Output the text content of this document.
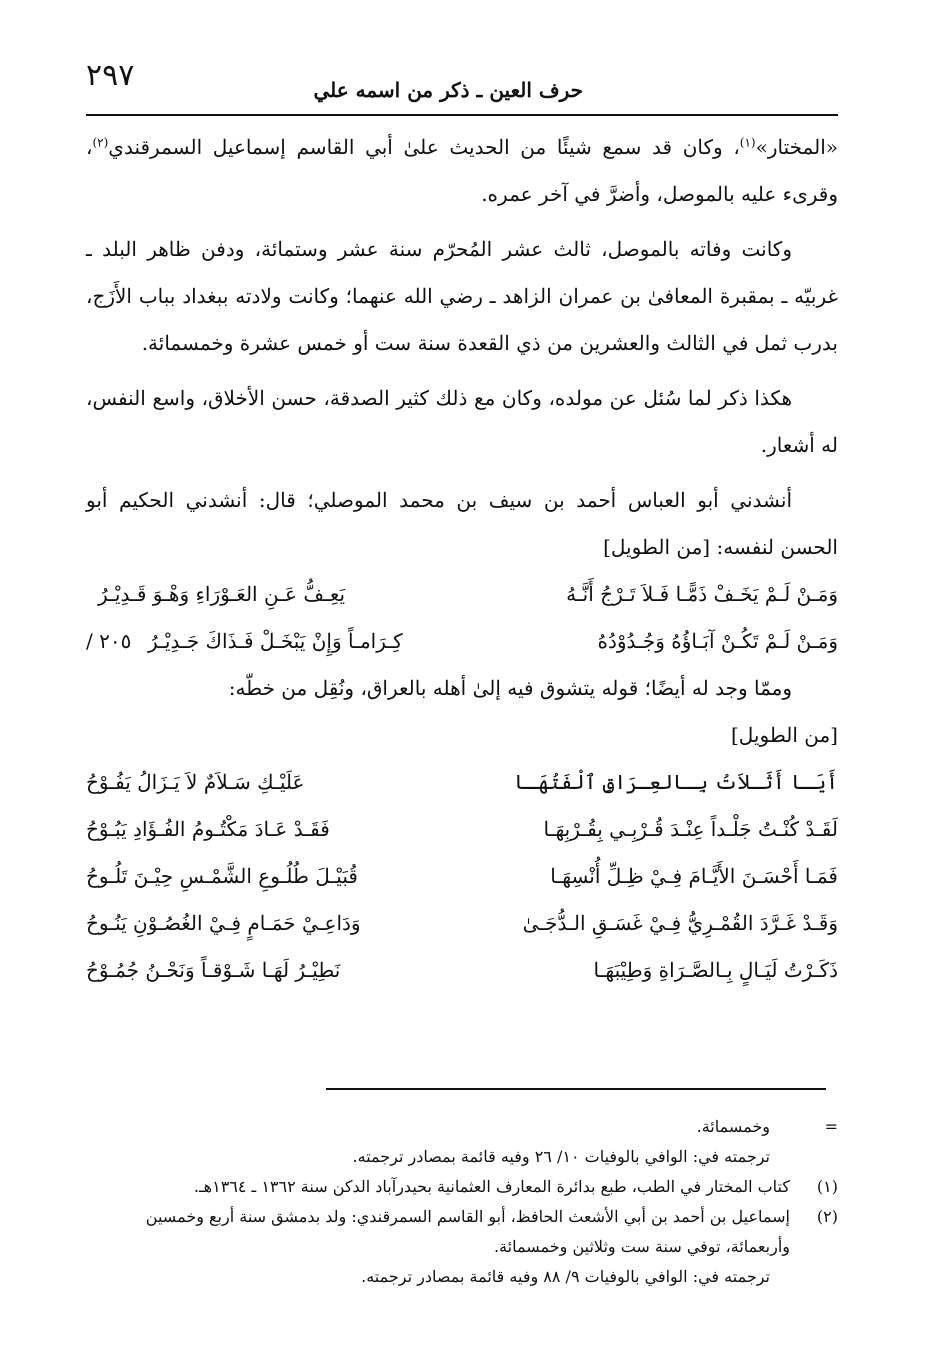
٢٩٧	حرف العين ـ ذكر من اسمه علي

«المختار»$^{(١)}$، وكان قد سمع شيئًا من الحديث علىٰ أبي القاسم إسماعيل السمرقندي$^{(٢)}$، وقرىء عليه بالموصل، وأضرَّ في آخر عمره.

وكانت وفاته بالموصل، ثالث عشر المُحرّم سنة عشر وستمائة، ودفن ظاهر البلد ـ غربيّه ـ بمقبرة المعافىٰ بن عمران الزاهد ـ رضي الله عنهما؛ وكانت ولادته ببغداد بباب الأَزَج، بدرب ثمل في الثالث والعشرين من ذي القعدة سنة ست أو خمس عشرة وخمسمائة.

هكذا ذكر لما سُئل عن مولده، وكان مع ذلك كثير الصدقة، حسن الأخلاق، واسع النفس، له أشعار.

أنشدني أبو العباس أحمد بن سيف بن محمد الموصلي؛ قال: أنشدني الحكيم أبو الحسن لنفسه: [من الطويل]

وَمَـنْ لَـمْ يَخَـفْ ذَمًّـا فَـلاَ تَـرْجُ أَنَّـهُ
يَعِـفُّ عَـنِ العَـوْرَاءِ وَهْـوَ قَـدِيْـرُ
وَمَـنْ لَـمْ تَكُـنْ آبَـاؤُهُ وَجُـدُوْدُهُ
كِـرَامـاً وَإِنْ يَبْخَـلْ فَـذَاكَ جَـدِيْـرُ
/ ٢٠٥

وممّا وجد له أيضًا؛ قوله يتشوق فيه إلىٰ أهله بالعراق، ونُقِل من خطّه:

[من الطويل]
أَيَـا أَثَـلاَتُ بِـالعِـرَاقِ ٱلْفَتُهَـا
عَلَيْـكِ سَـلاَمٌ لاَ يَـزَالُ يَفُـوْحُ
لَقَـدْ كُنْـتُ جَلْـداً عِنْـدَ قُـرْبِـي بِقُـرْبِهَـا
فَقَـدْ عَـادَ مَكْتُـومُ الفُـؤَادِ يَبُـوْحُ
فَمَـا أَحْسَـنَ الأَيَّـامَ فِـيْ ظِـلِّ أُنْسِهَـا
قُبَيْـلَ طُلُـوعِ الشَّمْـسِ حِيْـنَ تَلُـوحُ
وَقَـدْ غَـرَّدَ القُمْـرِيُّ فِـيْ غَسَـقِ الـدُّجَـىٰ
وَدَاعِـيْ حَمَـامٍ فِـيْ الغُصُـوْنِ يَنُـوحُ
ذَكَـرْتُ لَيَـالٍ بِـالصَّـرَاةِ وَطِيْبَهَـا
نَطِيْـرُ لَهَـا شَـوْقـاً وَنَحْـنُ جُمُـوْحُ
=
وخمسمائة.
ترجمته في: الوافي بالوفيات ١٠/ ٢٦ وفيه قائمة بمصادر ترجمته.
(١)
كتاب المختار في الطب، طبع بدائرة المعارف العثمانية بحيدرآباد الدكن سنة ١٣٦٢ ـ ١٣٦٤هـ.
(٢)
إسماعيل بن أحمد بن أبي الأشعث الحافظ، أبو القاسم السمرقندي: ولد بدمشق سنة أربع وخمسين وأربعمائة، توفي سنة ست وثلاثين وخمسمائة.
ترجمته في: الوافي بالوفيات ٩/ ٨٨ وفيه قائمة بمصادر ترجمته.
